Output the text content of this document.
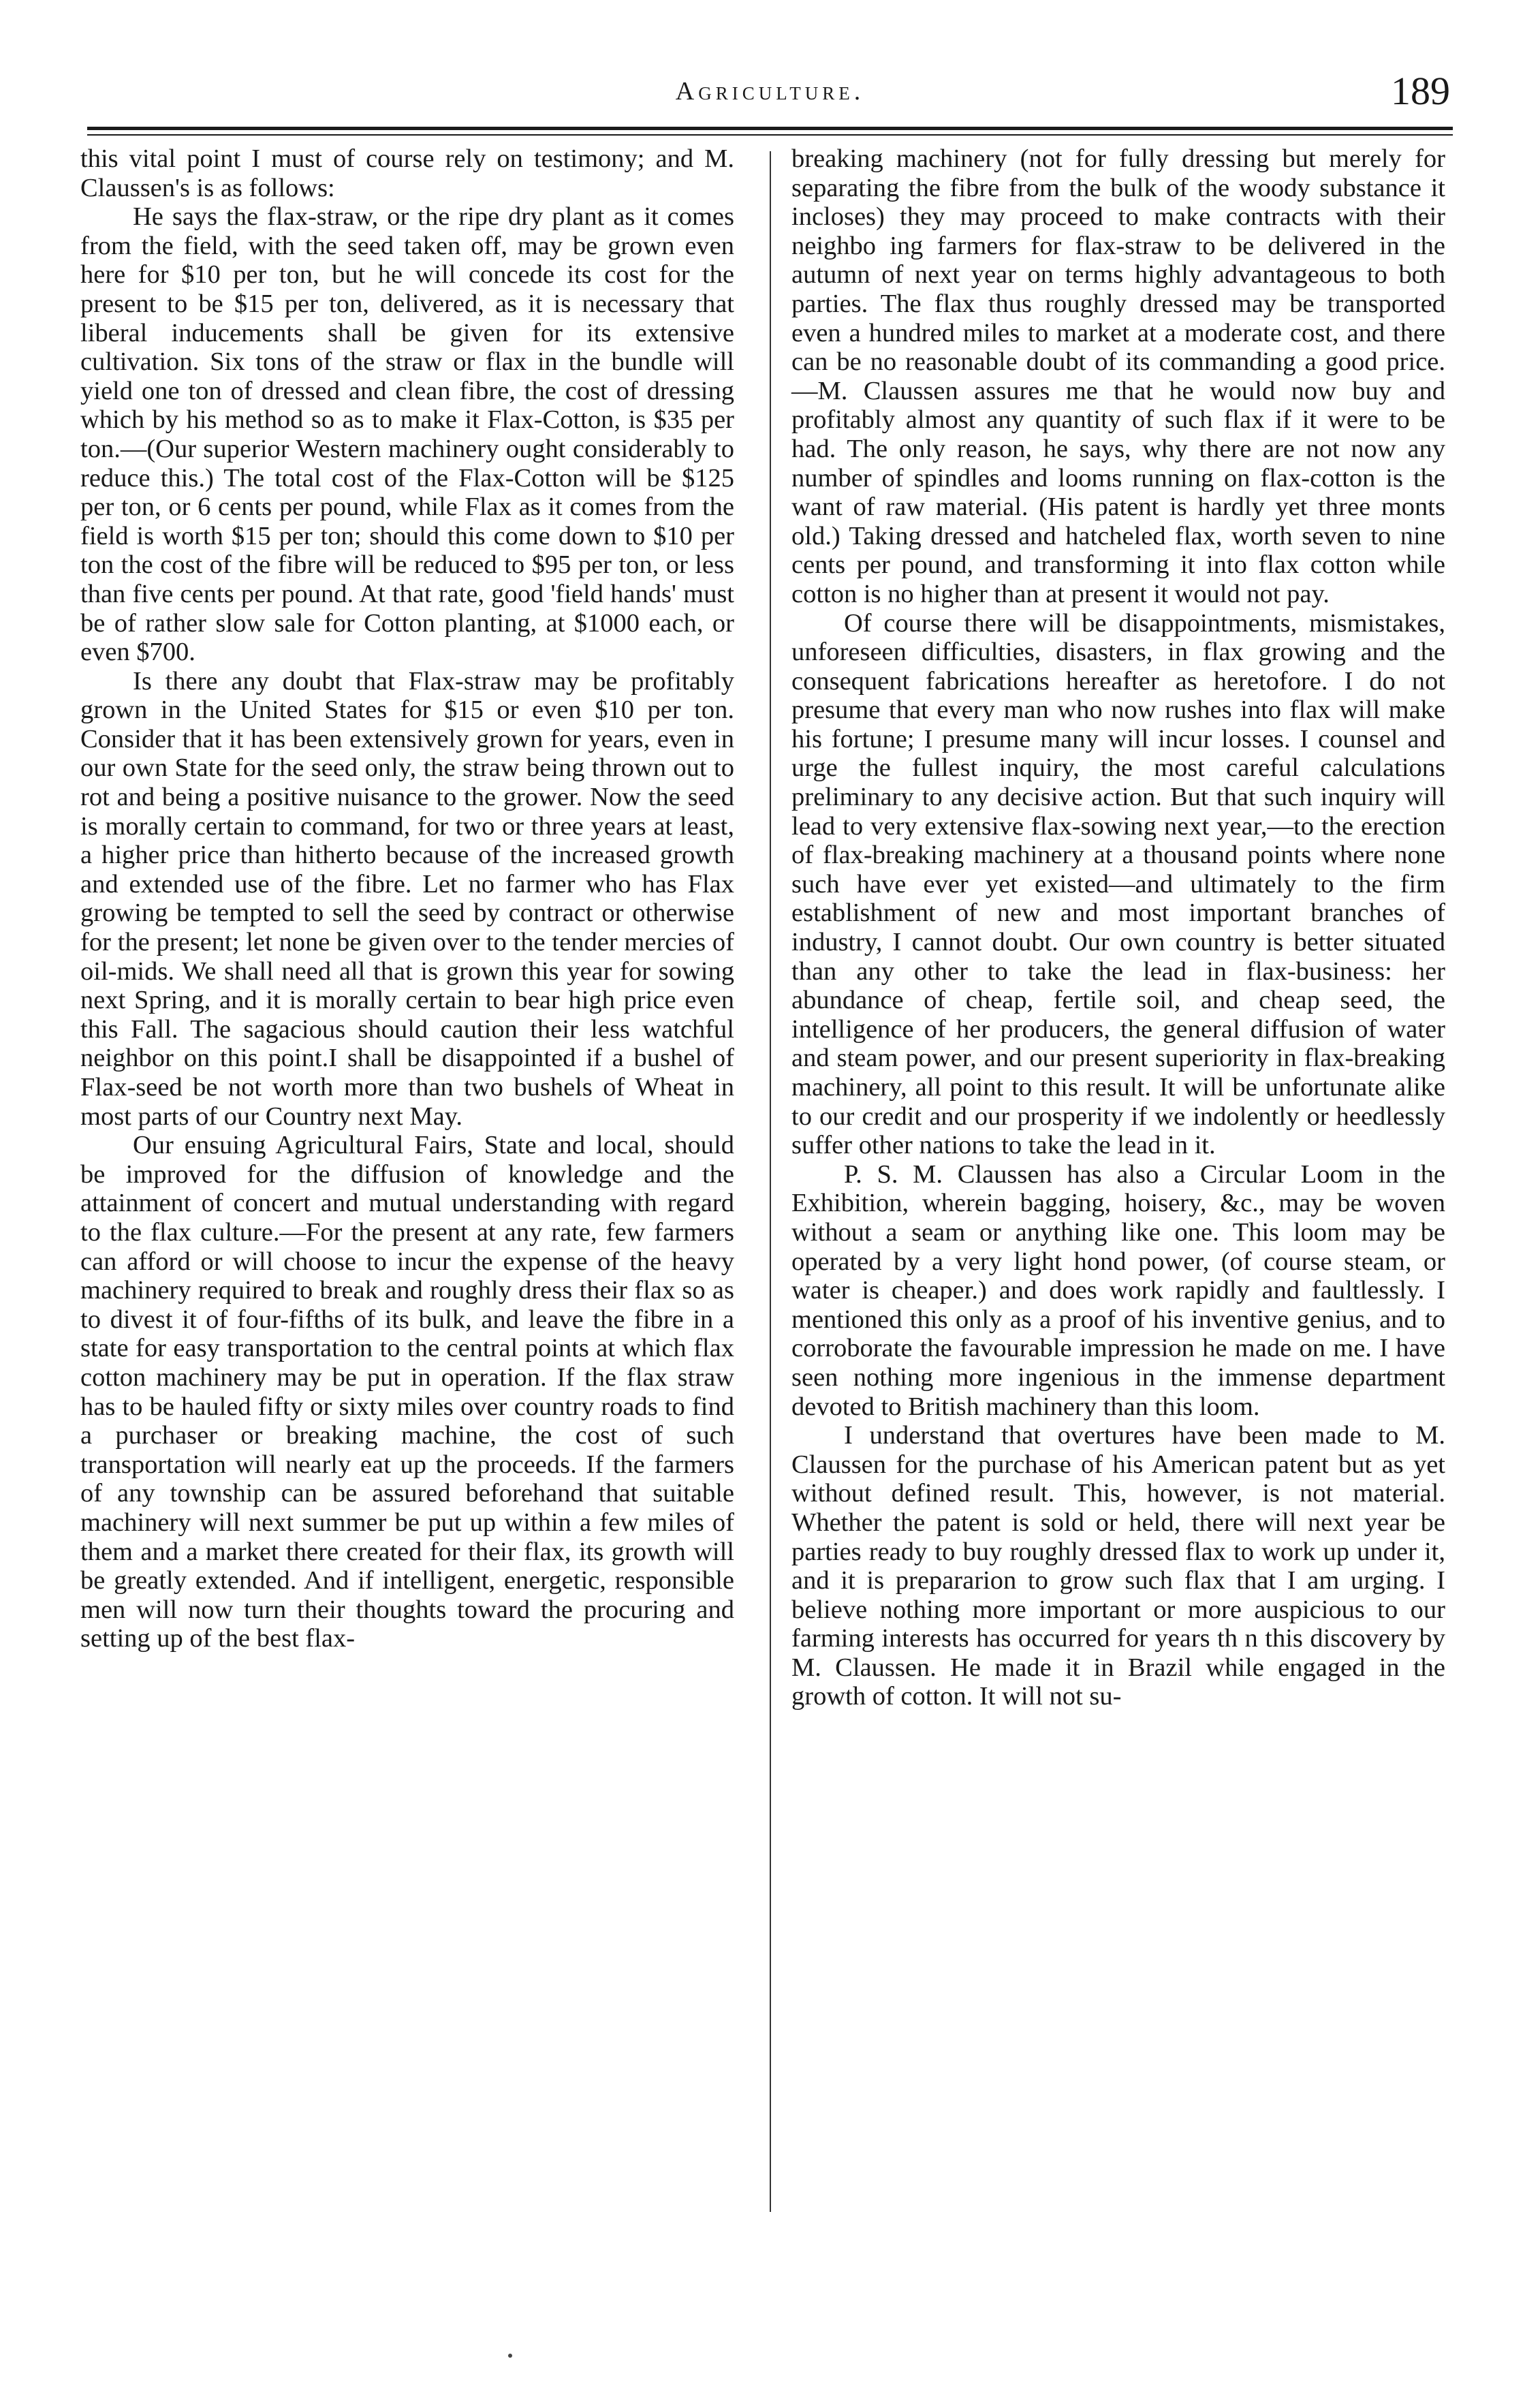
Agriculture.	189

this vital point I must of course rely on testimony; and M. Claussen's is as follows:

He says the flax-straw, or the ripe dry plant as it comes from the field, with the seed taken off, may be grown even here for $10 per ton, but he will concede its cost for the present to be $15 per ton, delivered, as it is necessary that liberal inducements shall be given for its extensive cultivation. Six tons of the straw or flax in the bundle will yield one ton of dressed and clean fibre, the cost of dressing which by his method so as to make it Flax-Cotton, is $35 per ton.—(Our superior Western machinery ought considerably to reduce this.) The total cost of the Flax-Cotton will be $125 per ton, or 6 cents per pound, while Flax as it comes from the field is worth $15 per ton; should this come down to $10 per ton the cost of the fibre will be reduced to $95 per ton, or less than five cents per pound. At that rate, good 'field hands' must be of rather slow sale for Cotton planting, at $1000 each, or even $700.

Is there any doubt that Flax-straw may be profitably grown in the United States for $15 or even $10 per ton. Consider that it has been extensively grown for years, even in our own State for the seed only, the straw being thrown out to rot and being a positive nuisance to the grower. Now the seed is morally certain to command, for two or three years at least, a higher price than hitherto because of the increased growth and extended use of the fibre. Let no farmer who has Flax growing be tempted to sell the seed by contract or otherwise for the present; let none be given over to the tender mercies of oil-mids. We shall need all that is grown this year for sowing next Spring, and it is morally certain to bear high price even this Fall. The sagacious should caution their less watchful neighbor on this point.I shall be disappointed if a bushel of Flax-seed be not worth more than two bushels of Wheat in most parts of our Country next May.

Our ensuing Agricultural Fairs, State and local, should be improved for the diffusion of knowledge and the attainment of concert and mutual understanding with regard to the flax culture.—For the present at any rate, few farmers can afford or will choose to incur the expense of the heavy machinery required to break and roughly dress their flax so as to divest it of four-fifths of its bulk, and leave the fibre in a state for easy transportation to the central points at which flax cotton machinery may be put in operation. If the flax straw has to be hauled fifty or sixty miles over country roads to find a purchaser or breaking machine, the cost of such transportation will nearly eat up the proceeds. If the farmers of any township can be assured beforehand that suitable machinery will next summer be put up within a few miles of them and a market there created for their flax, its growth will be greatly extended. And if intelligent, energetic, responsible men will now turn their thoughts toward the procuring and setting up of the best flax-

breaking machinery (not for fully dressing but merely for separating the fibre from the bulk of the woody substance it incloses) they may proceed to make contracts with their neighbo ing farmers for flax-straw to be delivered in the autumn of next year on terms highly advantageous to both parties. The flax thus roughly dressed may be transported even a hundred miles to market at a moderate cost, and there can be no reasonable doubt of its commanding a good price.—M. Claussen assures me that he would now buy and profitably almost any quantity of such flax if it were to be had. The only reason, he says, why there are not now any number of spindles and looms running on flax-cotton is the want of raw material. (His patent is hardly yet three monts old.) Taking dressed and hatcheled flax, worth seven to nine cents per pound, and transforming it into flax cotton while cotton is no higher than at present it would not pay.

Of course there will be disappointments, mismistakes, unforeseen difficulties, disasters, in flax growing and the consequent fabrications hereafter as heretofore. I do not presume that every man who now rushes into flax will make his fortune; I presume many will incur losses. I counsel and urge the fullest inquiry, the most careful calculations preliminary to any decisive action. But that such inquiry will lead to very extensive flax-sowing next year,—to the erection of flax-breaking machinery at a thousand points where none such have ever yet existed—and ultimately to the firm establishment of new and most important branches of industry, I cannot doubt. Our own country is better situated than any other to take the lead in flax-business: her abundance of cheap, fertile soil, and cheap seed, the intelligence of her producers, the general diffusion of water and steam power, and our present superiority in flax-breaking machinery, all point to this result. It will be unfortunate alike to our credit and our prosperity if we indolently or heedlessly suffer other nations to take the lead in it.

P. S. M. Claussen has also a Circular Loom in the Exhibition, wherein bagging, hoisery, &c., may be woven without a seam or anything like one. This loom may be operated by a very light hond power, (of course steam, or water is cheaper.) and does work rapidly and faultlessly. I mentioned this only as a proof of his inventive genius, and to corroborate the favourable impression he made on me. I have seen nothing more ingenious in the immense department devoted to British machinery than this loom.

I understand that overtures have been made to M. Claussen for the purchase of his American patent but as yet without defined result. This, however, is not material. Whether the patent is sold or held, there will next year be parties ready to buy roughly dressed flax to work up under it, and it is prepararion to grow such flax that I am urging. I believe nothing more important or more auspicious to our farming interests has occurred for years th n this discovery by M. Claussen. He made it in Brazil while engaged in the growth of cotton. It will not su-
